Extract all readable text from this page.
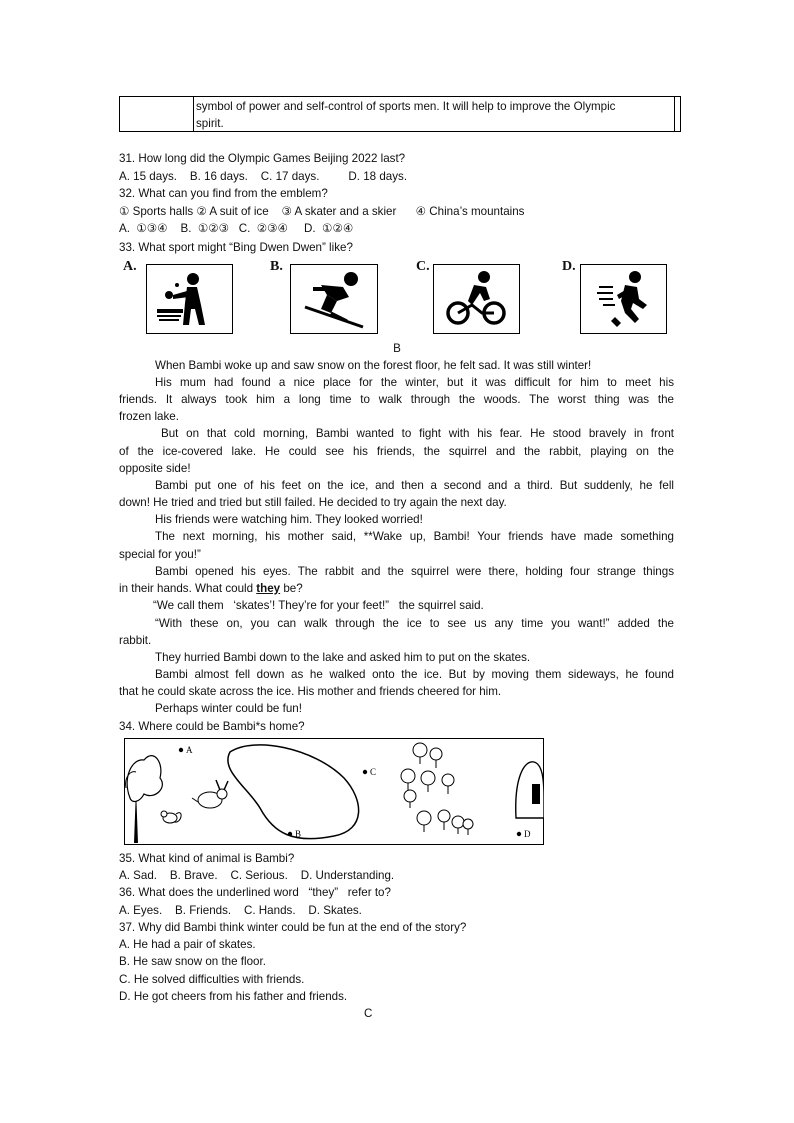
symbol of power and self-control of sports men. It will help to improve the Olympic
spirit.
31. How long did the Olympic Games Beijing 2022 last?
A. 15 days.    B. 16 days.    C. 17 days.         D. 18 days.
32. What can you find from the emblem?
① Sports halls ② A suit of ice    ③ A skater and a skier      ④ China’s mountains
A.  ①③④    B.  ①②③   C.  ②③④     D.  ①②④
33. What sport might “Bing Dwen Dwen” like?
A.	B.	C.	D.
B
When Bambi woke up and saw snow on the forest floor, he felt sad. It was still winter!
His mum had found a nice place for the winter, but it was difficult for him to meet his
friends. It always took him a long time to walk through the woods. The worst thing was the
frozen lake.
But on that cold morning, Bambi wanted to fight with his fear. He stood bravely in front
of the ice-covered lake. He could see his friends, the squirrel and the rabbit, playing on the
opposite side!
Bambi put one of his feet on the ice, and then a second and a third. But suddenly, he fell
down! He tried and tried but still failed. He decided to try again the next day.
His friends were watching him. They looked worried!
The next morning, his mother said, **Wake up, Bambi! Your friends have made something
special for you!”
Bambi opened his eyes. The rabbit and the squirrel were there, holding four strange things
in their hands. What could they be?
“We call them   ‘skates’! They’re for your feet!”   the squirrel said.
“With these on, you can walk through the ice to see us any time you want!” added the
rabbit.
They hurried Bambi down to the lake and asked him to put on the skates.
Bambi almost fell down as he walked onto the ice. But by moving them sideways, he found
that he could skate across the ice. His mother and friends cheered for him.
Perhaps winter could be fun!
34. Where could be Bambi*s home?
A
B
C
D
35. What kind of animal is Bambi?
A. Sad.    B. Brave.    C. Serious.    D. Understanding.
36. What does the underlined word   “they”   refer to?
A. Eyes.    B. Friends.    C. Hands.    D. Skates.
37. Why did Bambi think winter could be fun at the end of the story?
A. He had a pair of skates.
B. He saw snow on the floor.
C. He solved difficulties with friends.
D. He got cheers from his father and friends.
C
